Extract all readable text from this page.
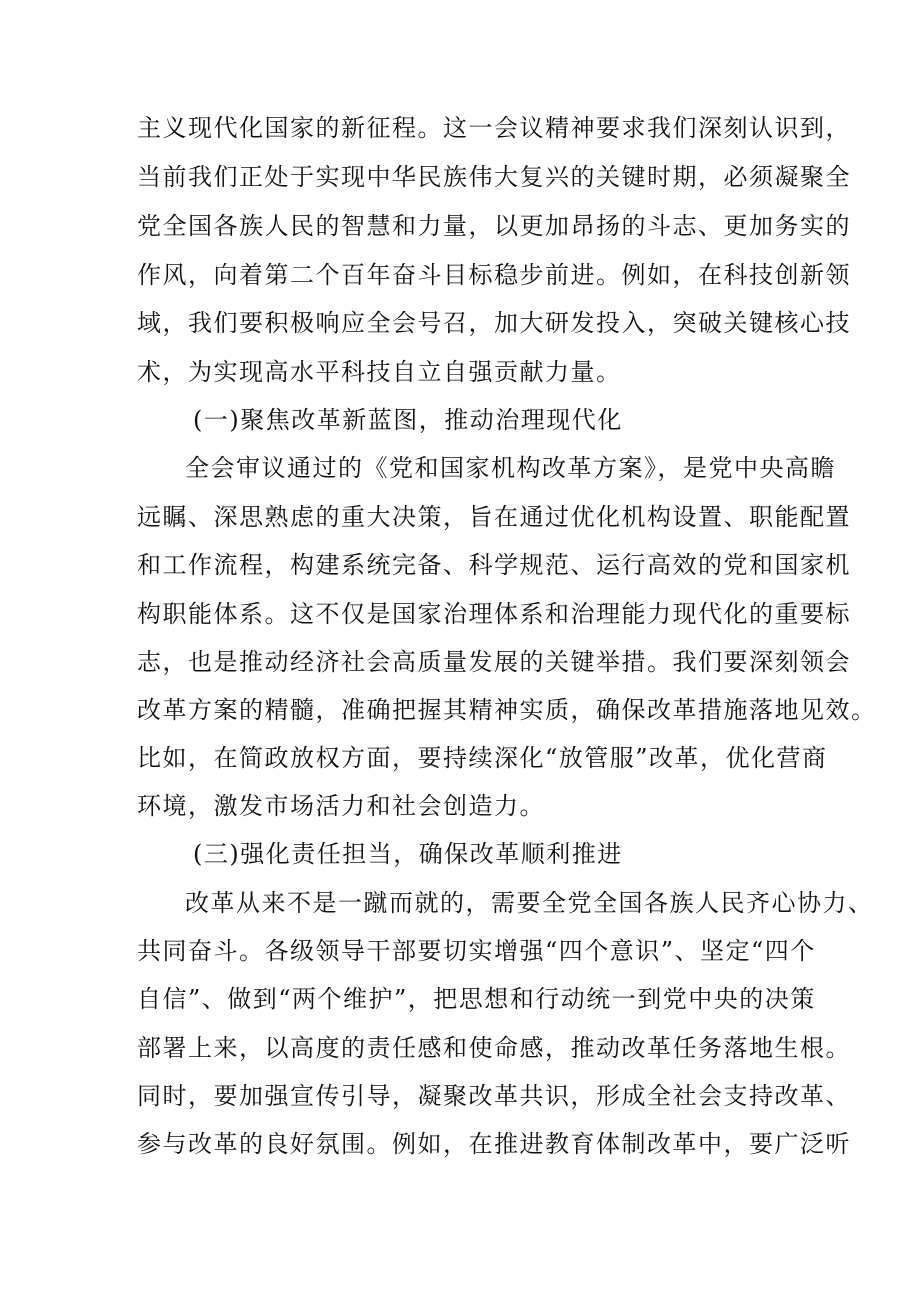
主义现代化国家的新征程。这一会议精神要求我们深刻认识到，
当前我们正处于实现中华民族伟大复兴的关键时期，必须凝聚全
党全国各族人民的智慧和力量，以更加昂扬的斗志、更加务实的
作风，向着第二个百年奋斗目标稳步前进。例如，在科技创新领
域，我们要积极响应全会号召，加大研发投入，突破关键核心技
术，为实现高水平科技自立自强贡献力量。
(一)聚焦改革新蓝图，推动治理现代化
全会审议通过的《党和国家机构改革方案》，是党中央高瞻
远瞩、深思熟虑的重大决策，旨在通过优化机构设置、职能配置
和工作流程，构建系统完备、科学规范、运行高效的党和国家机
构职能体系。这不仅是国家治理体系和治理能力现代化的重要标
志，也是推动经济社会高质量发展的关键举措。我们要深刻领会
改革方案的精髓，准确把握其精神实质，确保改革措施落地见效。
比如，在简政放权方面，要持续深化“放管服”改革，优化营商
环境，激发市场活力和社会创造力。
(三)强化责任担当，确保改革顺利推进
改革从来不是一蹴而就的，需要全党全国各族人民齐心协力、
共同奋斗。各级领导干部要切实增强“四个意识”、坚定“四个
自信”、做到“两个维护”，把思想和行动统一到党中央的决策
部署上来，以高度的责任感和使命感，推动改革任务落地生根。
同时，要加强宣传引导，凝聚改革共识，形成全社会支持改革、
参与改革的良好氛围。例如，在推进教育体制改革中，要广泛听
